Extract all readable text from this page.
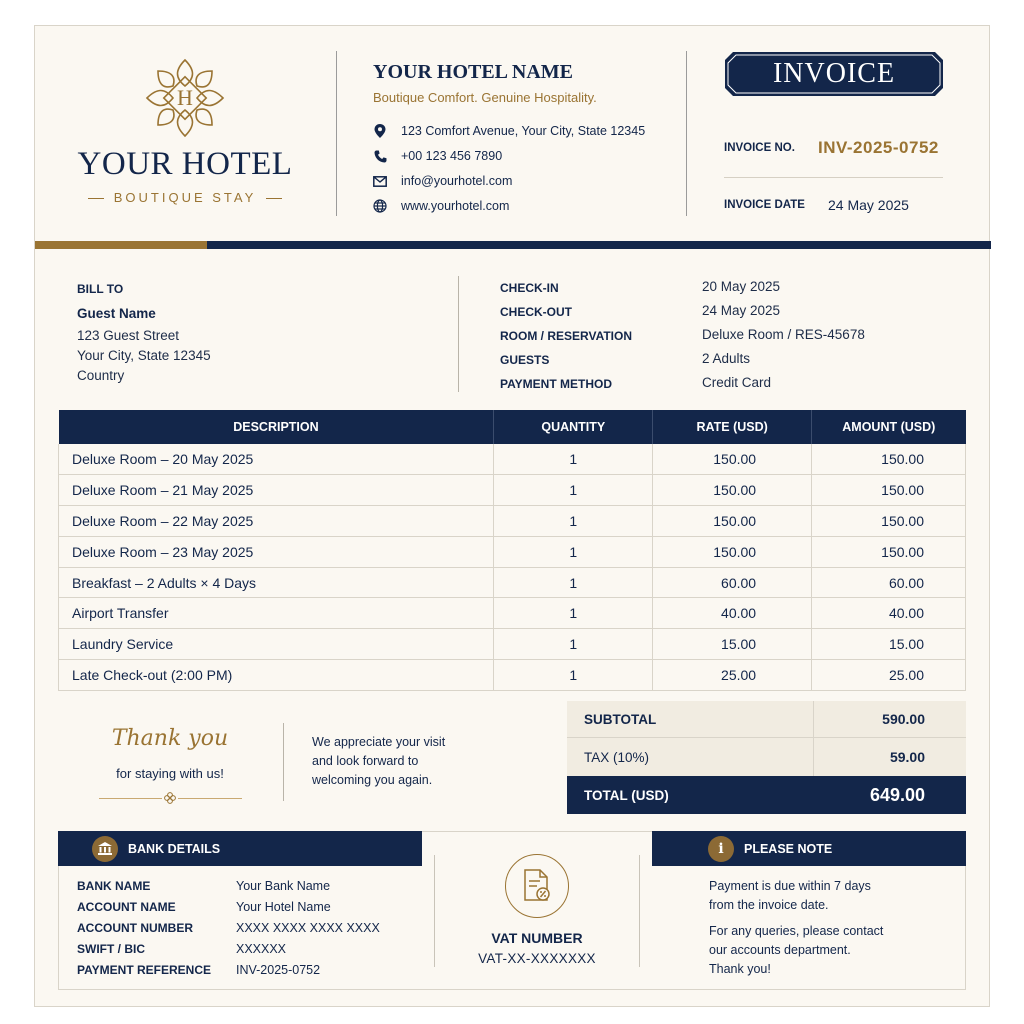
H
YOUR HOTEL
BOUTIQUE STAY
YOUR HOTEL NAME
Boutique Comfort. Genuine Hospitality.
123 Comfort Avenue, Your City, State 12345
+00 123 456 7890
info@yourhotel.com
www.yourhotel.com
INVOICE
INVOICE NO. INV-2025-0752
INVOICE DATE 24 May 2025
BILL TO
Guest Name
123 Guest Street
Your City, State 12345
Country
CHECK-IN	20 May 2025
CHECK-OUT	24 May 2025
ROOM / RESERVATION	Deluxe Room / RES-45678
GUESTS	2 Adults
PAYMENT METHOD	Credit Card
DESCRIPTION	QUANTITY	RATE (USD)	AMOUNT (USD)
Deluxe Room – 20 May 2025	1	150.00	150.00
Deluxe Room – 21 May 2025	1	150.00	150.00
Deluxe Room – 22 May 2025	1	150.00	150.00
Deluxe Room – 23 May 2025	1	150.00	150.00
Breakfast – 2 Adults × 4 Days	1	60.00	60.00
Airport Transfer	1	40.00	40.00
Laundry Service	1	15.00	15.00
Late Check-out (2:00 PM)	1	25.00	25.00
Thank you
for staying with us!
We appreciate your visit
and look forward to
welcoming you again.
SUBTOTAL	590.00
TAX (10%)	59.00
TOTAL (USD)	649.00
BANK DETAILS
BANK NAME	Your Bank Name
ACCOUNT NAME	Your Hotel Name
ACCOUNT NUMBER	XXXX XXXX XXXX XXXX
SWIFT / BIC	XXXXXX
PAYMENT REFERENCE INV-2025-0752
VAT NUMBER
VAT-XX-XXXXXXX
i PLEASE NOTE
Payment is due within 7 days
from the invoice date.
For any queries, please contact
our accounts department.
Thank you!
